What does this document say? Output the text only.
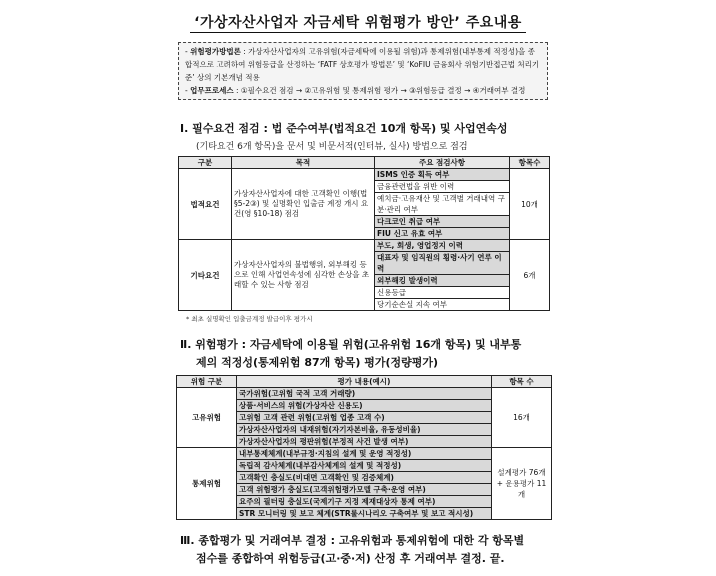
‘가상자산사업자 자금세탁 위험평가 방안’ 주요내용
- 위험평가방법론 : 가상자산사업자의 고유위험(자금세탁에 이용될 위험)과 통제위험(내부통제 적정성)을 종합적으로 고려하여 위험등급을 산정하는 ‘FATF 상호평가 방법론’ 및 ‘KoFIU 금융회사 위험기반접근법 처리기준’ 상의 기본개념 적용
- 업무프로세스 : ①필수요건 점검 → ②고유위험 및 통제위험 평가 → ③위험등급 결정 → ④거래여부 결정
Ⅰ. 필수요건 점검 : 법 준수여부(법적요건 10개 항목) 및 사업연속성
(기타요건 6개 항목)을 문서 및 비문서적(인터뷰, 실사) 방법으로 점검
구분	목적	주요 점검사항	항목수
법적요건	가상자산사업자에 대한 고객확인 이행(법 §5-2③) 및 실명확인 입출금 계정 개시 요건(영 §10-18) 점검	ISMS 인증 획득 여부	10개
		금융관련법을 위반 이력	
		예치금·고유재산 및 고객별 거래내역 구분·관리 여부	
		다크코인 취급 여부	
		FIU 신고 유효 여부	
기타요건	가상자산사업자의 불법행위, 외부해킹 등으로 인해 사업연속성에 심각한 손상을 초래할 수 있는 사항 점검	부도, 회생, 영업정지 이력	6개
		대표자 및 임직원의 횡령·사기 연루 이력	
		외부해킹 발생이력	
		신용등급	
		당기순손실 지속 여부	
* 최초 실명확인 입출금계정 발급이후 평가시
Ⅱ. 위험평가 : 자금세탁에 이용될 위험(고유위험 16개 항목) 및 내부통
제의 적정성(통제위험 87개 항목) 평가(정량평가)
위험 구분	평가 내용(예시)	항목 수
고유위험	국가위험(고위험 국적 고객 거래량)	16개
	상품·서비스의 위험(가상자산 신용도)	
	고위험 고객 관련 위험(고위험 업종 고객 수)	
	가상자산사업자의 내재위험(자기자본비율, 유동성비율)	
	가상자산사업자의 평판위험(부정적 사건 발생 여부)	
통제위험	내부통제체계(내부규정·지침의 설계 및 운영 적정성)	설계평가 76개 + 운용평가 11개
	독립적 감사체계(내부감사체계의 설계 및 적정성)	
	고객확인 충실도(비대면 고객확인 및 검증체계)	
	고객 위험평가 충실도(고객위험평가모델 구축·운영 여부)	
	요주의 필터링 충실도(국제기구 지정 제재대상자 통제 여부)	
	STR 모니터링 및 보고 체계(STR룰시나리오 구축여부 및 보고 적시성)	
Ⅲ. 종합평가 및 거래여부 결정 : 고유위험과 통제위험에 대한 각 항목별
점수를 종합하여 위험등급(고·중·저) 산정 후 거래여부 결정. 끝.
